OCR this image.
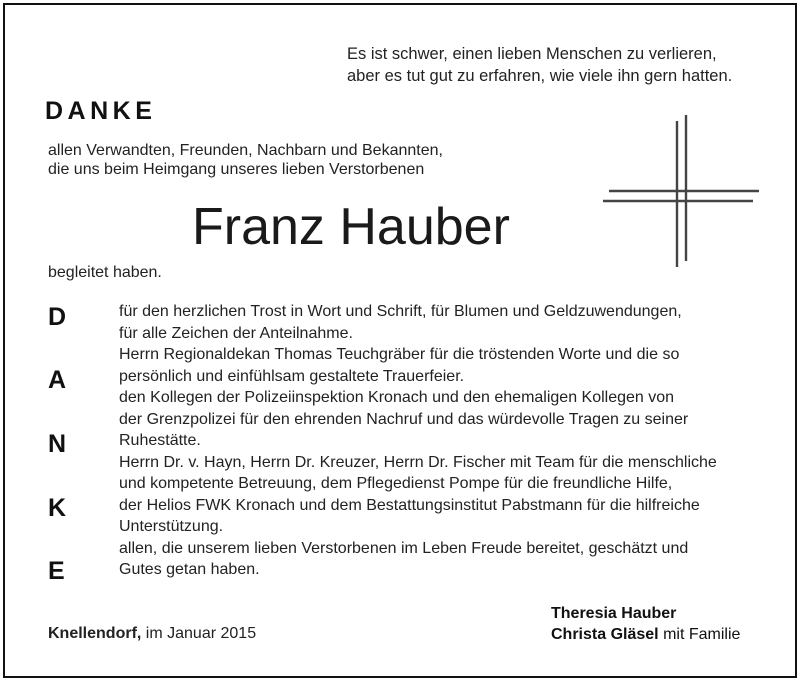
Es ist schwer, einen lieben Menschen zu verlieren,
aber es tut gut zu erfahren, wie viele ihn gern hatten.
DANKE
allen Verwandten, Freunden, Nachbarn und Bekannten,
die uns beim Heimgang unseres lieben Verstorbenen
Franz Hauber
begleitet haben.
D
A
N
K
E
für den herzlichen Trost in Wort und Schrift, für Blumen und Geldzuwendungen,
für alle Zeichen der Anteilnahme.
Herrn Regionaldekan Thomas Teuchgräber für die tröstenden Worte und die so
persönlich und einfühlsam gestaltete Trauerfeier.
den Kollegen der Polizeiinspektion Kronach und den ehemaligen Kollegen von
der Grenzpolizei für den ehrenden Nachruf und das würdevolle Tragen zu seiner
Ruhestätte.
Herrn Dr. v. Hayn, Herrn Dr. Kreuzer, Herrn Dr. Fischer mit Team für die menschliche
und kompetente Betreuung, dem Pflegedienst Pompe für die freundliche Hilfe,
der Helios FWK Kronach und dem Bestattungsinstitut Pabstmann für die hilfreiche
Unterstützung.
allen, die unserem lieben Verstorbenen im Leben Freude bereitet, geschätzt und
Gutes getan haben.
Knellendorf, im Januar 2015
Theresia Hauber
Christa Gläsel mit Familie
